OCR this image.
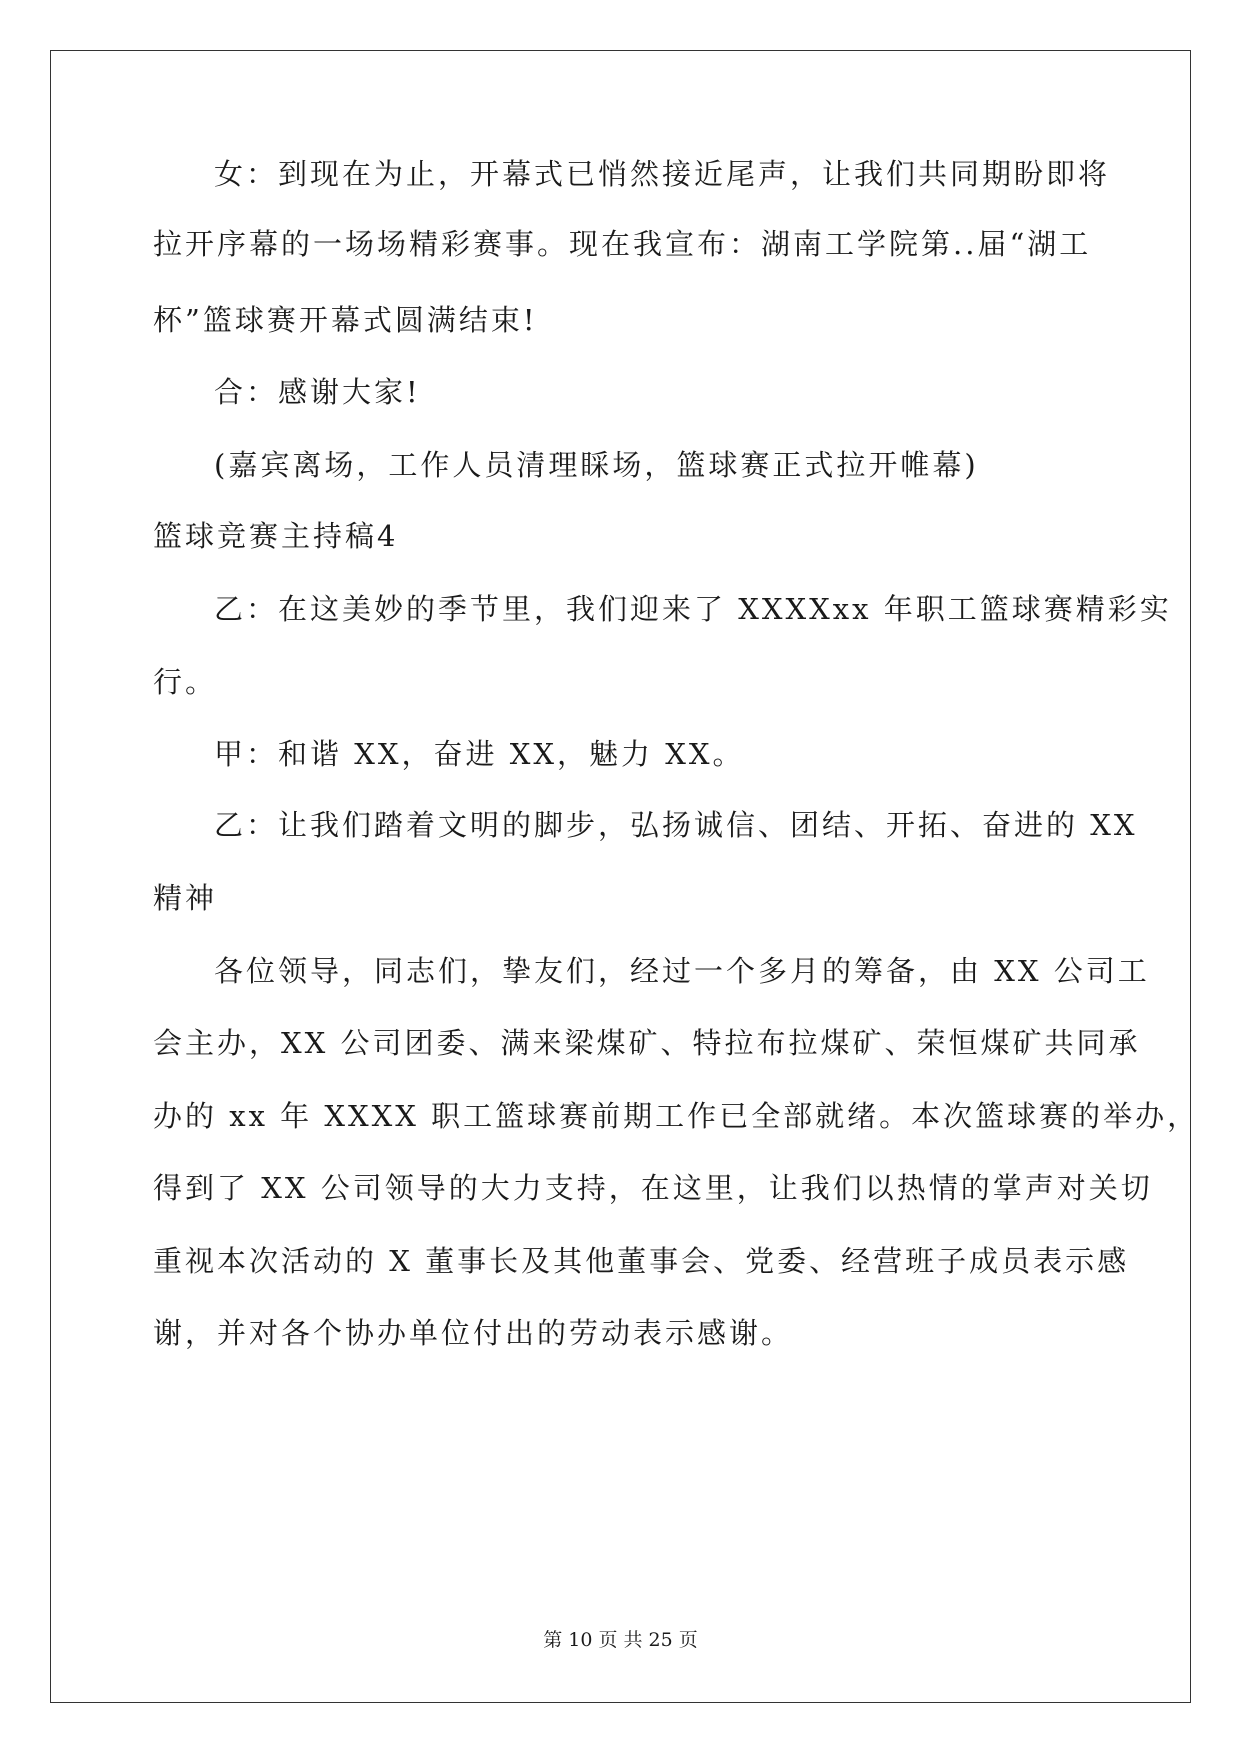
女：到现在为止，开幕式已悄然接近尾声，让我们共同期盼即将
拉开序幕的一场场精彩赛事。现在我宣布：湖南工学院第..届“湖工
杯”篮球赛开幕式圆满结束!
合：感谢大家!
(嘉宾离场，工作人员清理睬场，篮球赛正式拉开帷幕)
篮球竞赛主持稿4
乙：在这美妙的季节里，我们迎来了 XXXXxx 年职工篮球赛精彩实
行。
甲：和谐 XX，奋进 XX，魅力 XX。
乙：让我们踏着文明的脚步，弘扬诚信、团结、开拓、奋进的 XX
精神
各位领导，同志们，挚友们，经过一个多月的筹备，由 XX 公司工
会主办，XX 公司团委、满来梁煤矿、特拉布拉煤矿、荣恒煤矿共同承
办的 xx 年 XXXX 职工篮球赛前期工作已全部就绪。本次篮球赛的举办，
得到了 XX 公司领导的大力支持，在这里，让我们以热情的掌声对关切
重视本次活动的 X 董事长及其他董事会、党委、经营班子成员表示感
谢，并对各个协办单位付出的劳动表示感谢。
第 10 页 共 25 页
